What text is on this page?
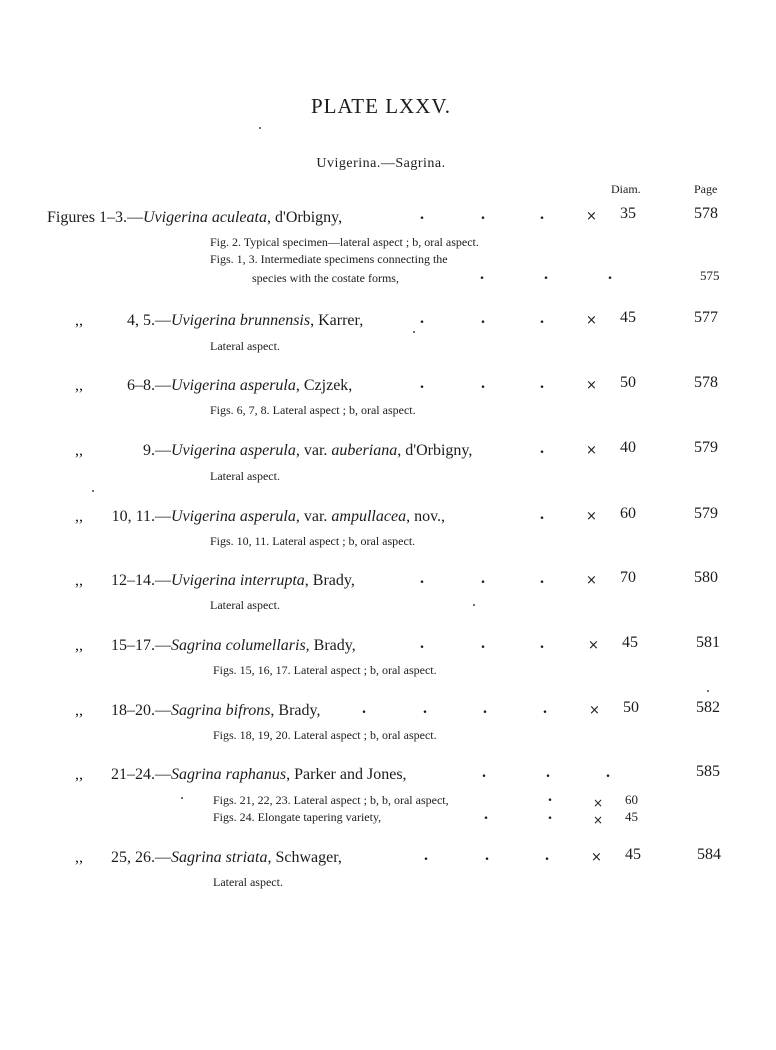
PLATE LXXV.
Uvigerina.—Sagrina.
Diam.	Page
Figures 1–3.—Uvigerina aculeata, d'Orbigny,	.	.	.	× 35	578
Fig. 2. Typical specimen—lateral aspect ; b, oral aspect.
Figs. 1, 3. Intermediate specimens connecting the
species with the costate forms,	.	.	.	575
,,	4, 5.—Uvigerina brunnensis, Karrer,	.	.	.	× 45	577
Lateral aspect.
,,	6–8.—Uvigerina asperula, Czjzek,	.	.	.	× 50	578
Figs. 6, 7, 8. Lateral aspect ; b, oral aspect.
,,	9.—Uvigerina asperula, var. auberiana, d'Orbigny,	.	× 40	579
Lateral aspect.
,, 10, 11.—Uvigerina asperula, var. ampullacea, nov.,	.	× 60	579
Figs. 10, 11. Lateral aspect ; b, oral aspect.
,, 12–14.—Uvigerina interrupta, Brady,	.	.	.	× 70	580
Lateral aspect.
,, 15–17.—Sagrina columellaris, Brady,	.	.	.	× 45	581
Figs. 15, 16, 17. Lateral aspect ; b, oral aspect.
,, 18–20.—Sagrina bifrons, Brady,	.	.	.	.	× 50	582
Figs. 18, 19, 20. Lateral aspect ; b, oral aspect.
,, 21–24.—Sagrina raphanus, Parker and Jones,	.	.	.	585
Figs. 21, 22, 23. Lateral aspect ; b, b, oral aspect,	.	× 60
Figs. 24. Elongate tapering variety,	.	.	× 45
,, 25, 26.—Sagrina striata, Schwager,	.	.	.	× 45	584
Lateral aspect.
